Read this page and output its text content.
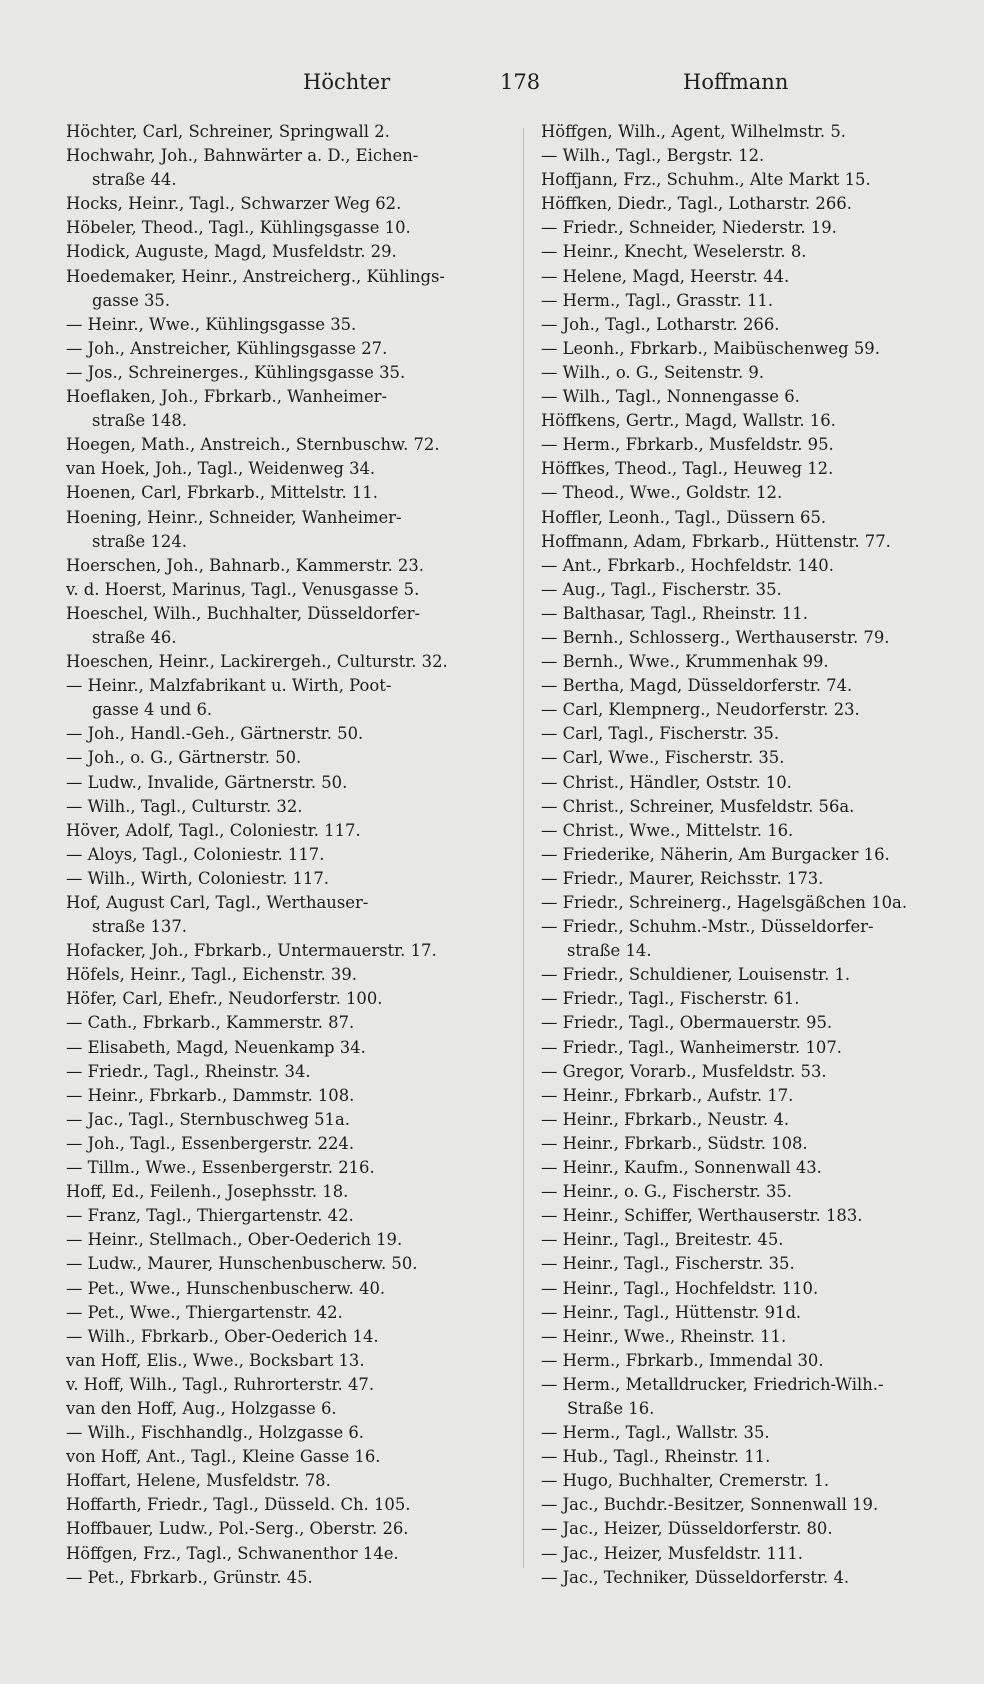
Höchter	178	Hoffmann
Höchter, Carl, Schreiner, Springwall 2.
Hochwahr, Joh., Bahnwärter a. D., Eichen-
straße 44.
Hocks, Heinr., Tagl., Schwarzer Weg 62.
Höbeler, Theod., Tagl., Kühlingsgasse 10.
Hodick, Auguste, Magd, Musfeldstr. 29.
Hoedemaker, Heinr., Anstreicherg., Kühlings-
gasse 35.
— Heinr., Wwe., Kühlingsgasse 35.
— Joh., Anstreicher, Kühlingsgasse 27.
— Jos., Schreinerges., Kühlingsgasse 35.
Hoeflaken, Joh., Fbrkarb., Wanheimer-
straße 148.
Hoegen, Math., Anstreich., Sternbuschw. 72.
van Hoek, Joh., Tagl., Weidenweg 34.
Hoenen, Carl, Fbrkarb., Mittelstr. 11.
Hoening, Heinr., Schneider, Wanheimer-
straße 124.
Hoerschen, Joh., Bahnarb., Kammerstr. 23.
v. d. Hoerst, Marinus, Tagl., Venusgasse 5.
Hoeschel, Wilh., Buchhalter, Düsseldorfer-
straße 46.
Hoeschen, Heinr., Lackirergeh., Culturstr. 32.
— Heinr., Malzfabrikant u. Wirth, Poot-
gasse 4 und 6.
— Joh., Handl.-Geh., Gärtnerstr. 50.
— Joh., o. G., Gärtnerstr. 50.
— Ludw., Invalide, Gärtnerstr. 50.
— Wilh., Tagl., Culturstr. 32.
Höver, Adolf, Tagl., Coloniestr. 117.
— Aloys, Tagl., Coloniestr. 117.
— Wilh., Wirth, Coloniestr. 117.
Hof, August Carl, Tagl., Werthauser-
straße 137.
Hofacker, Joh., Fbrkarb., Untermauerstr. 17.
Höfels, Heinr., Tagl., Eichenstr. 39.
Höfer, Carl, Ehefr., Neudorferstr. 100.
— Cath., Fbrkarb., Kammerstr. 87.
— Elisabeth, Magd, Neuenkamp 34.
— Friedr., Tagl., Rheinstr. 34.
— Heinr., Fbrkarb., Dammstr. 108.
— Jac., Tagl., Sternbuschweg 51a.
— Joh., Tagl., Essenbergerstr. 224.
— Tillm., Wwe., Essenbergerstr. 216.
Hoff, Ed., Feilenh., Josephsstr. 18.
— Franz, Tagl., Thiergartenstr. 42.
— Heinr., Stellmach., Ober-Oederich 19.
— Ludw., Maurer, Hunschenbuscherw. 50.
— Pet., Wwe., Hunschenbuscherw. 40.
— Pet., Wwe., Thiergartenstr. 42.
— Wilh., Fbrkarb., Ober-Oederich 14.
van Hoff, Elis., Wwe., Bocksbart 13.
v. Hoff, Wilh., Tagl., Ruhrorterstr. 47.
van den Hoff, Aug., Holzgasse 6.
— Wilh., Fischhandlg., Holzgasse 6.
von Hoff, Ant., Tagl., Kleine Gasse 16.
Hoffart, Helene, Musfeldstr. 78.
Hoffarth, Friedr., Tagl., Düsseld. Ch. 105.
Hoffbauer, Ludw., Pol.-Serg., Oberstr. 26.
Höffgen, Frz., Tagl., Schwanenthor 14e.
— Pet., Fbrkarb., Grünstr. 45.
Höffgen, Wilh., Agent, Wilhelmstr. 5.
— Wilh., Tagl., Bergstr. 12.
Hoffjann, Frz., Schuhm., Alte Markt 15.
Höffken, Diedr., Tagl., Lotharstr. 266.
— Friedr., Schneider, Niederstr. 19.
— Heinr., Knecht, Weselerstr. 8.
— Helene, Magd, Heerstr. 44.
— Herm., Tagl., Grasstr. 11.
— Joh., Tagl., Lotharstr. 266.
— Leonh., Fbrkarb., Maibüschenweg 59.
— Wilh., o. G., Seitenstr. 9.
— Wilh., Tagl., Nonnengasse 6.
Höffkens, Gertr., Magd, Wallstr. 16.
— Herm., Fbrkarb., Musfeldstr. 95.
Höffkes, Theod., Tagl., Heuweg 12.
— Theod., Wwe., Goldstr. 12.
Hoffler, Leonh., Tagl., Düssern 65.
Hoffmann, Adam, Fbrkarb., Hüttenstr. 77.
— Ant., Fbrkarb., Hochfeldstr. 140.
— Aug., Tagl., Fischerstr. 35.
— Balthasar, Tagl., Rheinstr. 11.
— Bernh., Schlosserg., Werthauserstr. 79.
— Bernh., Wwe., Krummenhak 99.
— Bertha, Magd, Düsseldorferstr. 74.
— Carl, Klempnerg., Neudorferstr. 23.
— Carl, Tagl., Fischerstr. 35.
— Carl, Wwe., Fischerstr. 35.
— Christ., Händler, Oststr. 10.
— Christ., Schreiner, Musfeldstr. 56a.
— Christ., Wwe., Mittelstr. 16.
— Friederike, Näherin, Am Burgacker 16.
— Friedr., Maurer, Reichsstr. 173.
— Friedr., Schreinerg., Hagelsgäßchen 10a.
— Friedr., Schuhm.-Mstr., Düsseldorfer-
straße 14.
— Friedr., Schuldiener, Louisenstr. 1.
— Friedr., Tagl., Fischerstr. 61.
— Friedr., Tagl., Obermauerstr. 95.
— Friedr., Tagl., Wanheimerstr. 107.
— Gregor, Vorarb., Musfeldstr. 53.
— Heinr., Fbrkarb., Aufstr. 17.
— Heinr., Fbrkarb., Neustr. 4.
— Heinr., Fbrkarb., Südstr. 108.
— Heinr., Kaufm., Sonnenwall 43.
— Heinr., o. G., Fischerstr. 35.
— Heinr., Schiffer, Werthauserstr. 183.
— Heinr., Tagl., Breitestr. 45.
— Heinr., Tagl., Fischerstr. 35.
— Heinr., Tagl., Hochfeldstr. 110.
— Heinr., Tagl., Hüttenstr. 91d.
— Heinr., Wwe., Rheinstr. 11.
— Herm., Fbrkarb., Immendal 30.
— Herm., Metalldrucker, Friedrich-Wilh.-
Straße 16.
— Herm., Tagl., Wallstr. 35.
— Hub., Tagl., Rheinstr. 11.
— Hugo, Buchhalter, Cremerstr. 1.
— Jac., Buchdr.-Besitzer, Sonnenwall 19.
— Jac., Heizer, Düsseldorferstr. 80.
— Jac., Heizer, Musfeldstr. 111.
— Jac., Techniker, Düsseldorferstr. 4.
